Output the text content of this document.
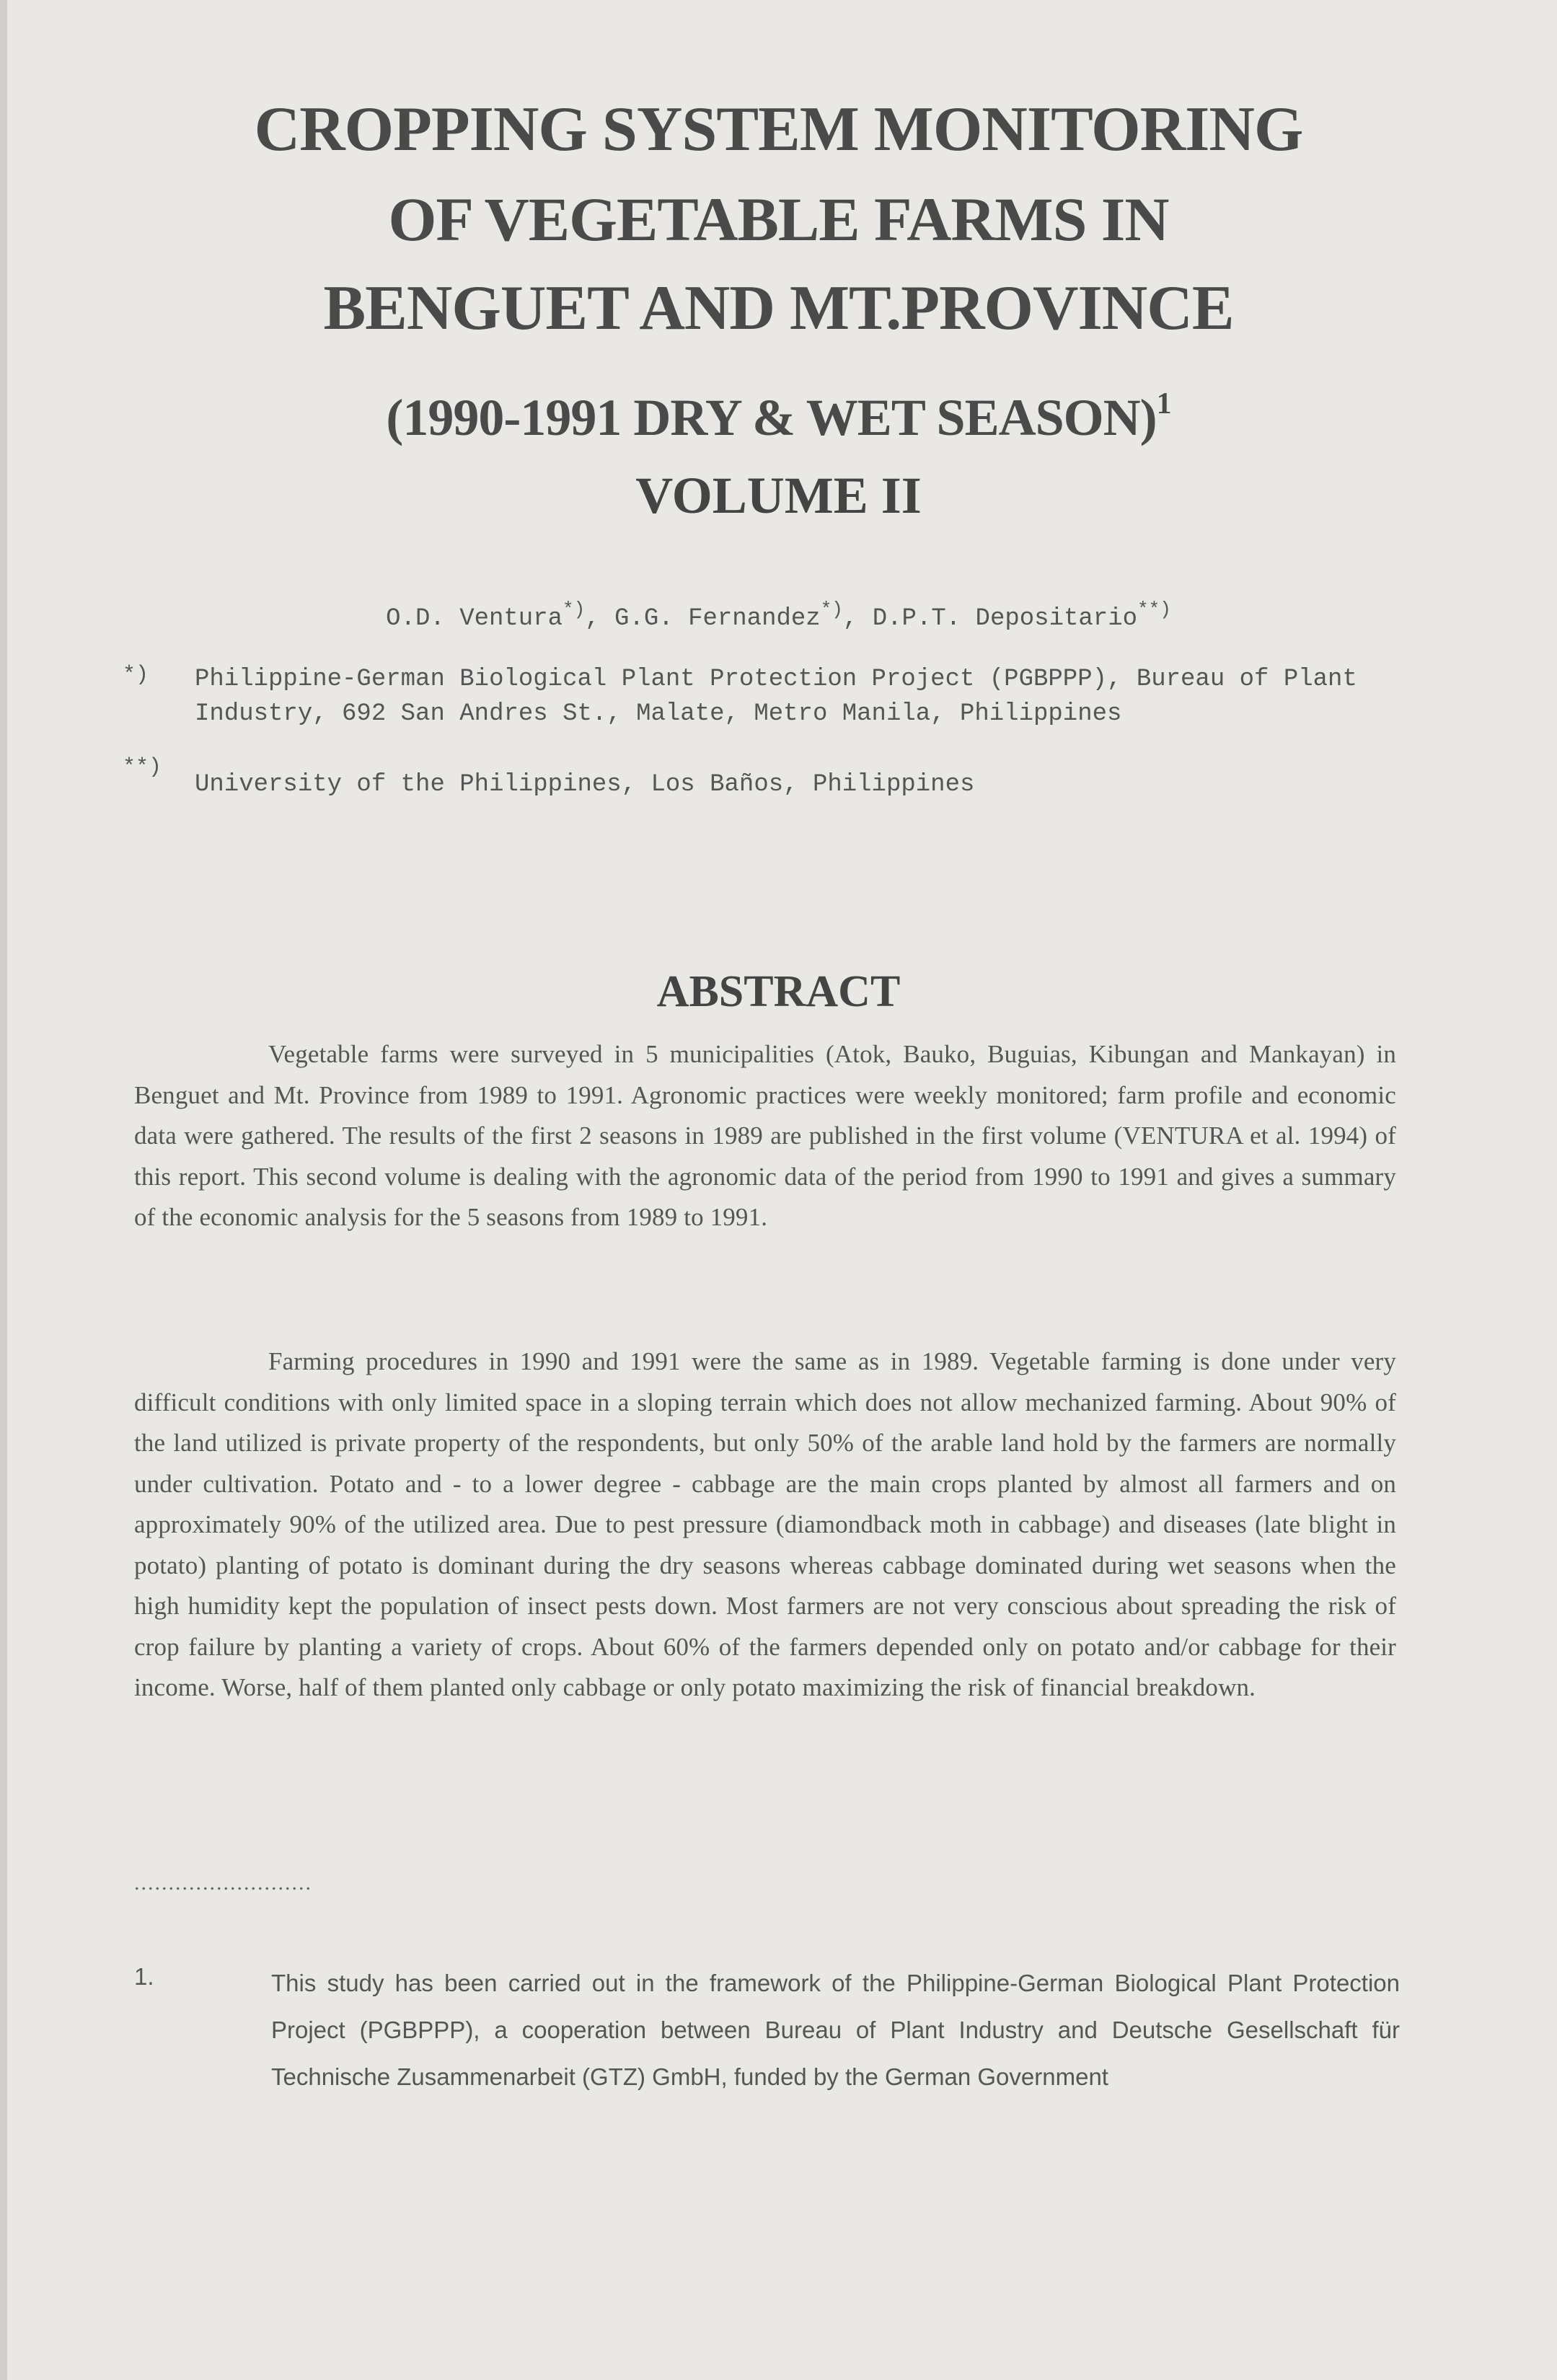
CROPPING SYSTEM MONITORING
OF VEGETABLE FARMS IN
BENGUET AND MT.PROVINCE
(1990-1991 DRY & WET SEASON)$^1$
VOLUME II
O.D. Ventura*), G.G. Fernandez*), D.P.T. Depositario**)
*) Philippine-German Biological Plant Protection Project (PGBPPP), Bureau of Plant Industry, 692 San Andres St., Malate, Metro Manila, Philippines
**)
University of the Philippines, Los Baños, Philippines
ABSTRACT

Vegetable farms were surveyed in 5 municipalities (Atok, Bauko, Buguias, Kibungan and Mankayan) in Benguet and Mt. Province from 1989 to 1991. Agronomic practices were weekly monitored; farm profile and economic data were gathered. The results of the first 2 seasons in 1989 are published in the first volume (VENTURA et al. 1994) of this report. This second volume is dealing with the agronomic data of the period from 1990 to 1991 and gives a summary of the economic analysis for the 5 seasons from 1989 to 1991.

Farming procedures in 1990 and 1991 were the same as in 1989. Vegetable farming is done under very difficult conditions with only limited space in a sloping terrain which does not allow mechanized farming. About 90% of the land utilized is private property of the respondents, but only 50% of the arable land hold by the farmers are normally under cultivation. Potato and - to a lower degree - cabbage are the main crops planted by almost all farmers and on approximately 90% of the utilized area. Due to pest pressure (diamondback moth in cabbage) and diseases (late blight in potato) planting of potato is dominant during the dry seasons whereas cabbage dominated during wet seasons when the high humidity kept the population of insect pests down. Most farmers are not very conscious about spreading the risk of crop failure by planting a variety of crops. About 60% of the farmers depended only on potato and/or cabbage for their income. Worse, half of them planted only cabbage or only potato maximizing the risk of financial breakdown.

..........................
1.	This study has been carried out in the framework of the Philippine-German Biological Plant Protection Project (PGBPPP), a cooperation between Bureau of Plant Industry and Deutsche Gesellschaft für Technische Zusammenarbeit (GTZ) GmbH, funded by the German Government
